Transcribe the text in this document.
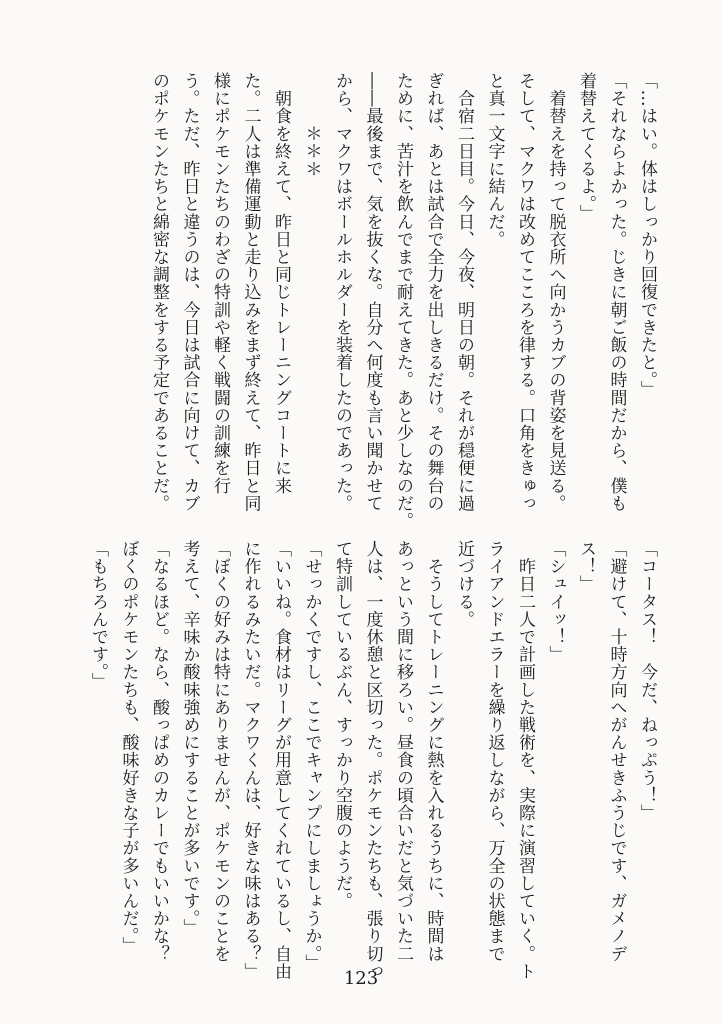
「…はい。体はしっかり回復できたと。」
「それならよかった。じきに朝ご飯の時間だから、僕も
着替えてくるよ。」
　着替えを持って脱衣所へ向かうカブの背姿を見送る。
そして、マクワは改めてこころを律する。口角をきゅっ
と真一文字に結んだ。
　合宿二日目。今日、今夜、明日の朝。それが穏便に過
ぎれば、あとは試合で全力を出しきるだけ。その舞台の
ために、苦汁を飲んでまで耐えてきた。あと少しなのだ。
――最後まで、気を抜くな。自分へ何度も言い聞かせて
から、マクワはボールホルダーを装着したのであった。
　　　＊＊＊
　朝食を終えて、昨日と同じトレーニングコートに来
た。二人は準備運動と走り込みをまず終えて、昨日と同
様にポケモンたちのわざの特訓や軽く戦闘の訓練を行
う。ただ、昨日と違うのは、今日は試合に向けて、カブ
のポケモンたちと綿密な調整をする予定であることだ。
「コータス！　今だ、ねっぷう！」
「避けて、十時方向へがんせきふうじです、ガメノデ
ス！」
「シュイッ！」
　昨日二人で計画した戦術を、実際に演習していく。ト
ライアンドエラーを繰り返しながら、万全の状態まで
近づける。
　そうしてトレーニングに熱を入れるうちに、時間は
あっという間に移ろい。昼食の頃合いだと気づいた二
人は、一度休憩と区切った。ポケモンたちも、張り切っ
て特訓しているぶん、すっかり空腹のようだ。
「せっかくですし、ここでキャンプにしましょうか。」
「いいね。食材はリーグが用意してくれているし、自由
に作れるみたいだ。マクワくんは、好きな味はある？」
「ぼくの好みは特にありませんが、ポケモンのことを
考えて、辛味か酸味強めにすることが多いです。」
「なるほど。なら、酸っぱめのカレーでもいいかな？
ぼくのポケモンたちも、酸味好きな子が多いんだ。」
「もちろんです。」
123
